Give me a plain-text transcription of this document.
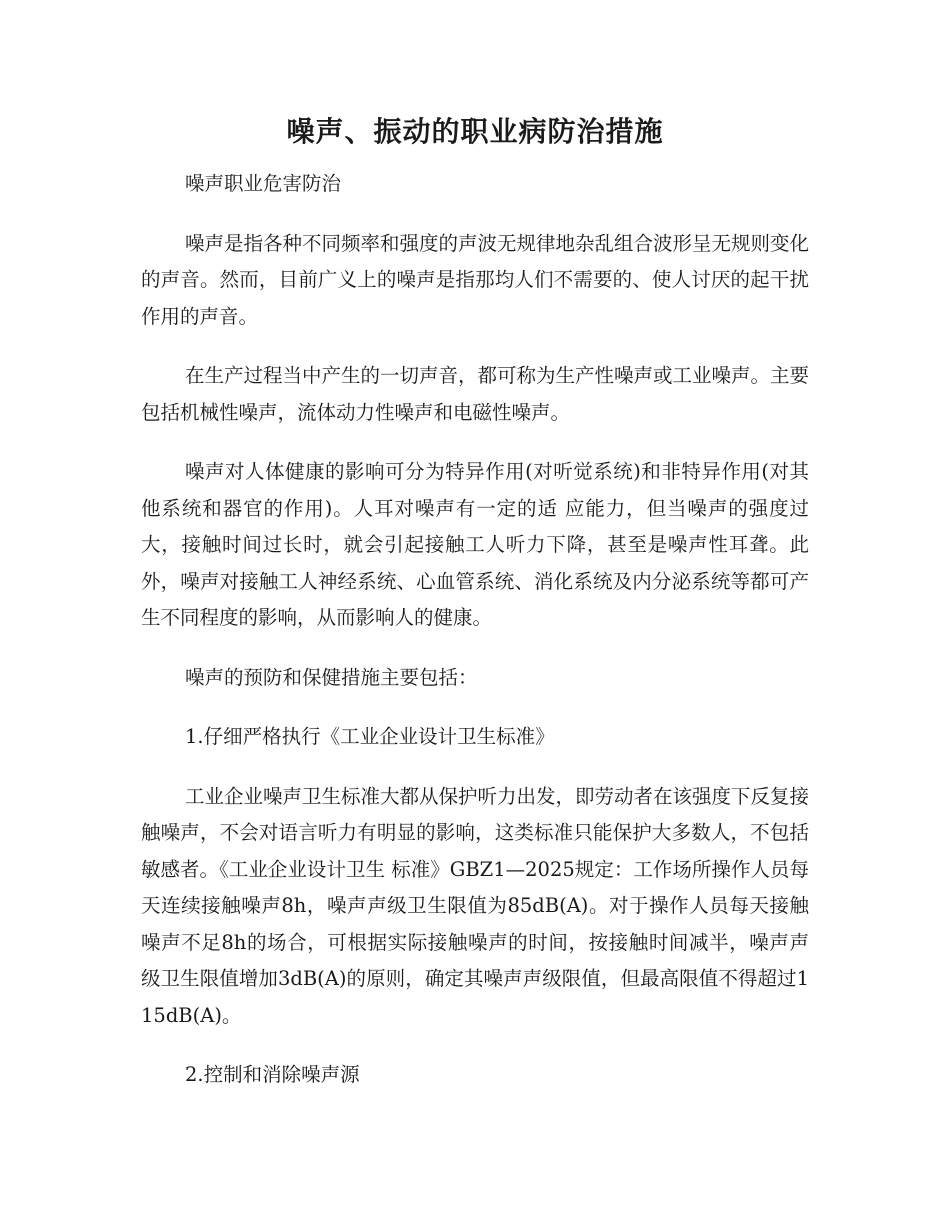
噪声、振动的职业病防治措施

噪声职业危害防治

噪声是指各种不同频率和强度的声波无规律地杂乱组合波形呈无规则变化的声音。然而，目前广义上的噪声是指那均人们不需要的、使人讨厌的起干扰作用的声音。

在生产过程当中产生的一切声音，都可称为生产性噪声或工业噪声。主要包括机械性噪声，流体动力性噪声和电磁性噪声。

噪声对人体健康的影响可分为特异作用(对听觉系统)和非特异作用(对其他系统和器官的作用)。人耳对噪声有一定的适 应能力，但当噪声的强度过大，接触时间过长时，就会引起接触工人听力下降，甚至是噪声性耳聋。此外，噪声对接触工人神经系统、心血管系统、消化系统及内分泌系统等都可产生不同程度的影响，从而影响人的健康。

噪声的预防和保健措施主要包括：

1.仔细严格执行《工业企业设计卫生标准》

工业企业噪声卫生标准大都从保护听力出发，即劳动者在该强度下反复接触噪声，不会对语言听力有明显的影响，这类标准只能保护大多数人，不包括敏感者。《工业企业设计卫生 标准》GBZ1—2025规定：工作场所操作人员每天连续接触噪声8h，噪声声级卫生限值为85dB(A)。对于操作人员每天接触噪声不足8h的场合，可根据实际接触噪声的时间，按接触时间减半，噪声声级卫生限值增加3dB(A)的原则，确定其噪声声级限值，但最高限值不得超过115dB(A)。

2.控制和消除噪声源
